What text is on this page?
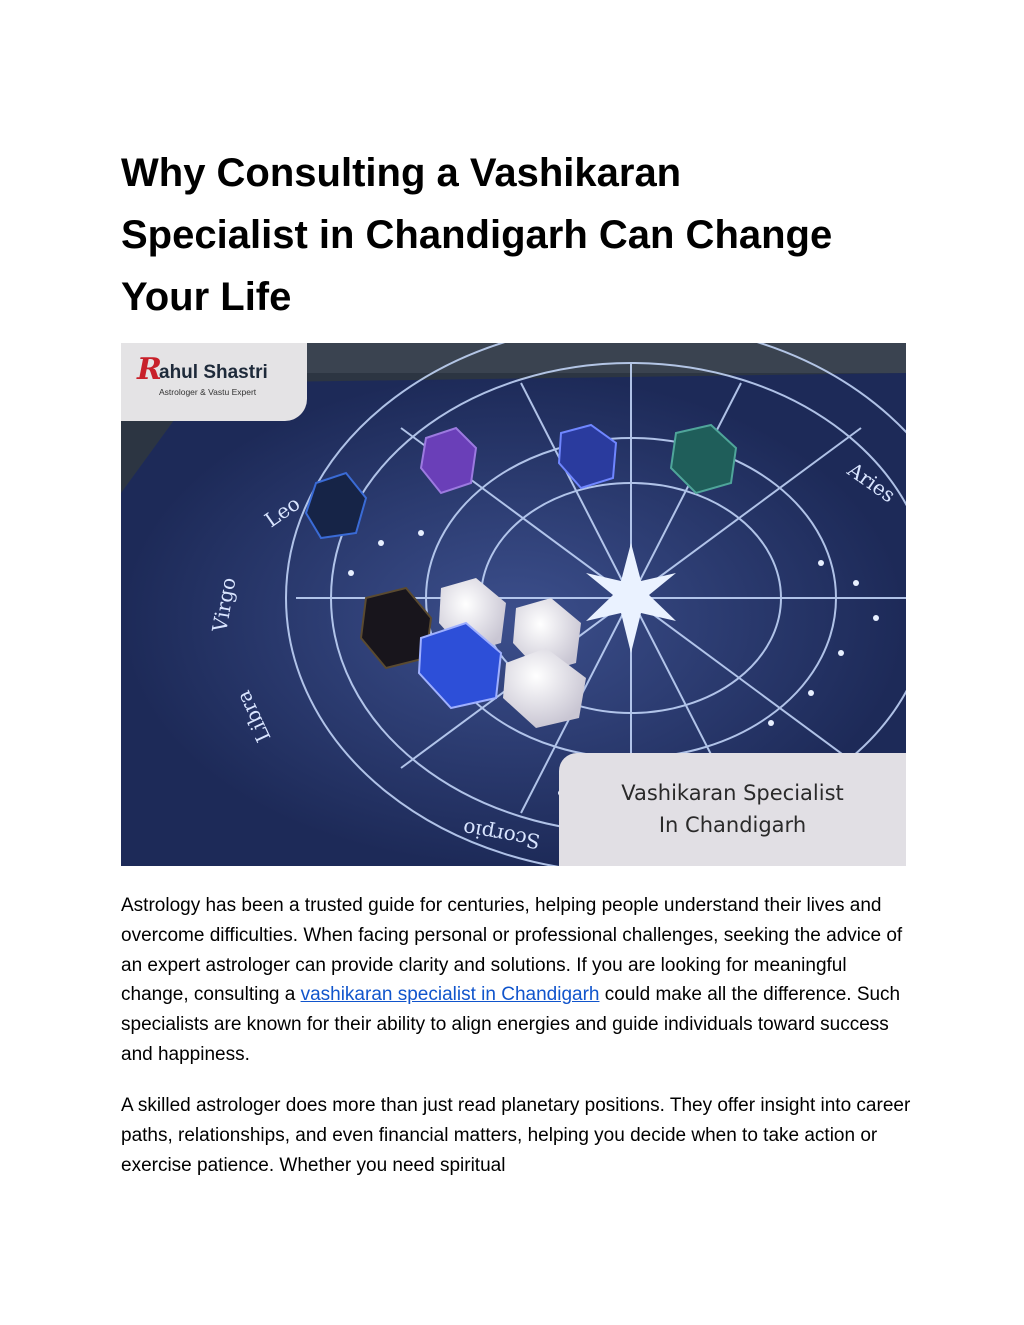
Why Consulting a Vashikaran
Specialist in Chandigarh Can Change
Your Life
Leo
Virgo
Libra
Scorpio
Aries
R
ahul Shastri
Astrologer & Vastu Expert
Vashikaran Specialist
In Chandigarh

Astrology has been a trusted guide for centuries, helping people understand their lives and overcome difficulties. When facing personal or professional challenges, seeking the advice of an expert astrologer can provide clarity and solutions. If you are looking for meaningful change, consulting a vashikaran specialist in Chandigarh could make all the difference. Such specialists are known for their ability to align energies and guide individuals toward success and happiness.

A skilled astrologer does more than just read planetary positions. They offer insight into career paths, relationships, and even financial matters, helping you decide when to take action or exercise patience. Whether you need spiritual
